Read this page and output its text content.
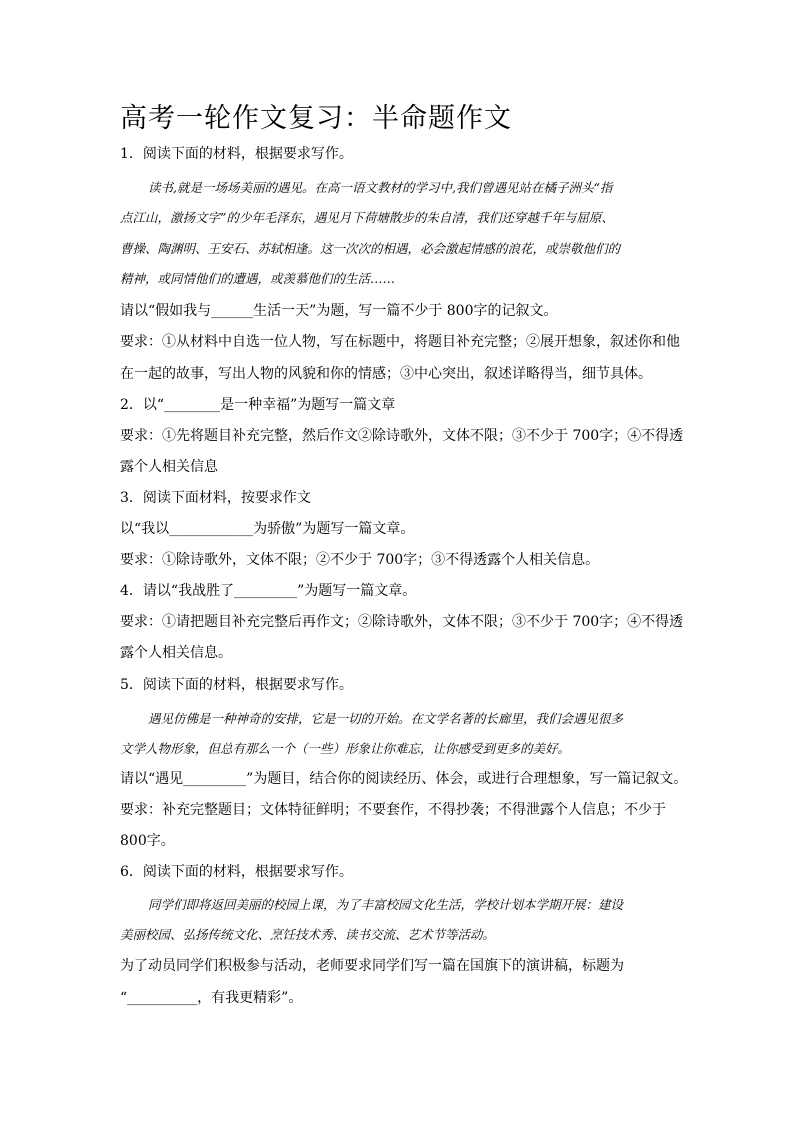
高考一轮作文复习：半命题作文
1．阅读下面的材料，根据要求写作。
读书,就是一场场美丽的遇见。在高一语文教材的学习中,我们曾遇见站在橘子洲头“指
点江山，激扬文字”的少年毛泽东，遇见月下荷塘散步的朱自清，我们还穿越千年与屈原、
曹操、陶渊明、王安石、苏轼相逢。这一次次的相遇，必会激起情感的浪花，或崇敬他们的
精神，或同情他们的遭遇，或羡慕他们的生活……
请以“假如我与______生活一天”为题，写一篇不少于 800字的记叙文。
要求：①从材料中自选一位人物，写在标题中，将题目补充完整；②展开想象，叙述你和他
在一起的故事，写出人物的风貌和你的情感；③中心突出，叙述详略得当，细节具体。
2．以“________是一种幸福”为题写一篇文章
要求：①先将题目补充完整，然后作文②除诗歌外，文体不限；③不少于 700字；④不得透
露个人相关信息
3．阅读下面材料，按要求作文
以“我以____________为骄傲”为题写一篇文章。
要求：①除诗歌外，文体不限；②不少于 700字；③不得透露个人相关信息。
4．请以“我战胜了_________”为题写一篇文章。
要求：①请把题目补充完整后再作文；②除诗歌外，文体不限；③不少于 700字；④不得透
露个人相关信息。
5．阅读下面的材料，根据要求写作。
遇见仿佛是一种神奇的安排，它是一切的开始。在文学名著的长廊里，我们会遇见很多
文学人物形象，但总有那么一个（一些）形象让你难忘，让你感受到更多的美好。
请以“遇见_________”为题目，结合你的阅读经历、体会，或进行合理想象，写一篇记叙文。
要求：补充完整题目；文体特征鲜明；不要套作，不得抄袭；不得泄露个人信息；不少于
800字。
6．阅读下面的材料，根据要求写作。
同学们即将返回美丽的校园上课，为了丰富校园文化生活，学校计划本学期开展：建设
美丽校园、弘扬传统文化、烹饪技术秀、读书交流、艺术节等活动。
为了动员同学们积极参与活动，老师要求同学们写一篇在国旗下的演讲稿，标题为
“__________，有我更精彩”。
